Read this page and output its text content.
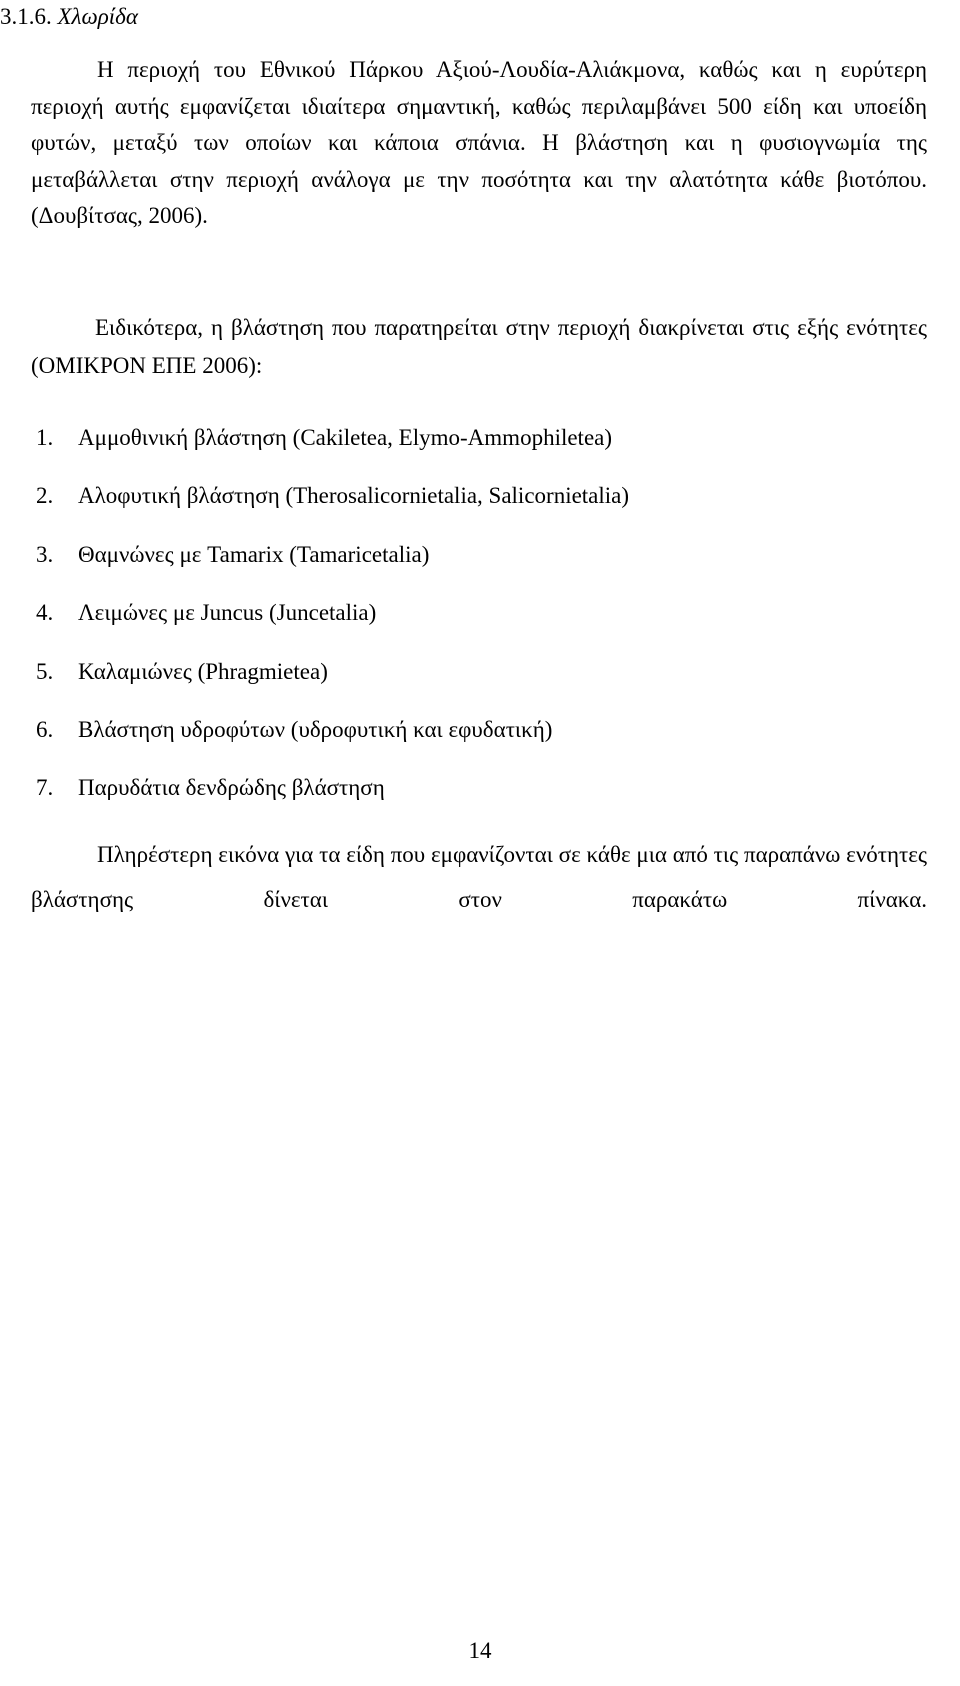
3.1.6. Χλωρίδα

Η περιοχή του Εθνικού Πάρκου Αξιού-Λουδία-Αλιάκμονα, καθώς και η ευρύτερη περιοχή αυτής εμφανίζεται ιδιαίτερα σημαντική, καθώς περιλαμβάνει 500 είδη και υποείδη φυτών, μεταξύ των οποίων και κάποια σπάνια. Η βλάστηση και η φυσιογνωμία της μεταβάλλεται στην περιοχή ανάλογα με την ποσότητα και την αλατότητα κάθε βιοτόπου.(Δουβίτσας, 2006).

Ειδικότερα, η βλάστηση που παρατηρείται στην περιοχή διακρίνεται στις εξής ενότητες (ΟΜΙΚΡΟΝ ΕΠΕ 2006):

1. Αμμοθινική βλάστηση (Cakiletea, Elymo-Ammophiletea)
2. Αλοφυτική βλάστηση (Therosalicornietalia, Salicornietalia)
3. Θαμνώνες με Tamarix (Tamaricetalia)
4. Λειμώνες με Juncus (Juncetalia)
5. Καλαμιώνες (Phragmietea)
6. Βλάστηση υδροφύτων (υδροφυτική και εφυδατική)
7. Παρυδάτια δενδρώδης βλάστηση

Πληρέστερη εικόνα για τα είδη που εμφανίζονται σε κάθε μια από τις παραπάνω ενότητες βλάστησης δίνεται στον παρακάτω πίνακα.

14
